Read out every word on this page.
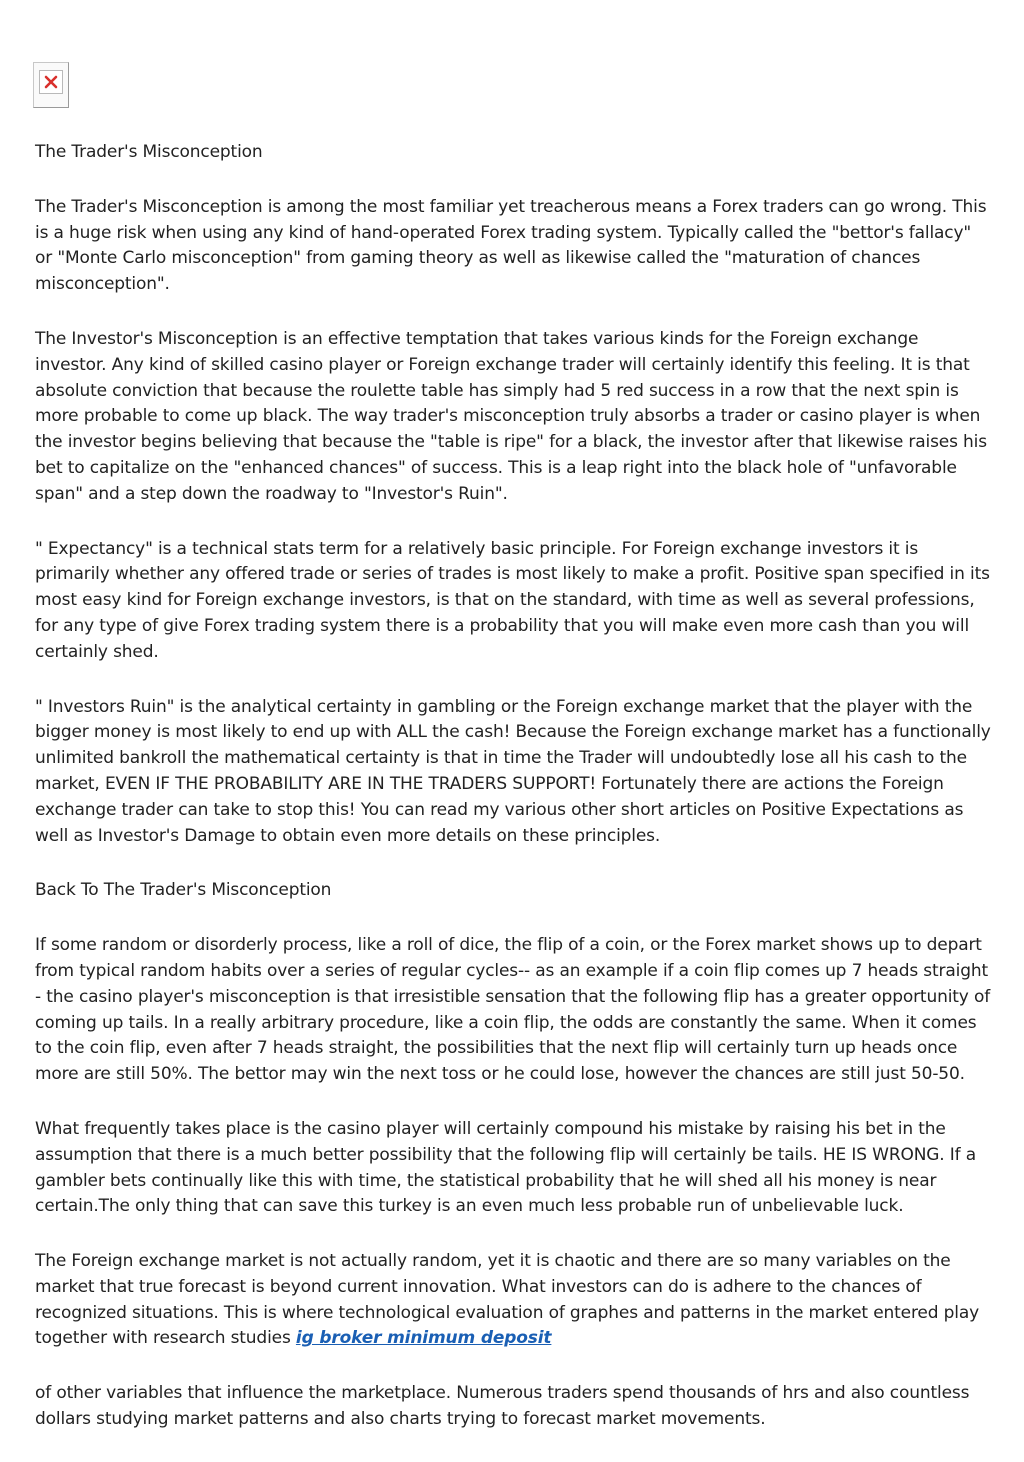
The Trader's Misconception

The Trader's Misconception is among the most familiar yet treacherous means a Forex traders can go wrong. This is a huge risk when using any kind of hand-operated Forex trading system. Typically called the "bettor's fallacy" or "Monte Carlo misconception" from gaming theory as well as likewise called the "maturation of chances misconception".

The Investor's Misconception is an effective temptation that takes various kinds for the Foreign exchange investor. Any kind of skilled casino player or Foreign exchange trader will certainly identify this feeling. It is that absolute conviction that because the roulette table has simply had 5 red success in a row that the next spin is more probable to come up black. The way trader's misconception truly absorbs a trader or casino player is when the investor begins believing that because the "table is ripe" for a black, the investor after that likewise raises his bet to capitalize on the "enhanced chances" of success. This is a leap right into the black hole of "unfavorable span" and a step down the roadway to "Investor's Ruin".

" Expectancy" is a technical stats term for a relatively basic principle. For Foreign exchange investors it is primarily whether any offered trade or series of trades is most likely to make a profit. Positive span specified in its most easy kind for Foreign exchange investors, is that on the standard, with time as well as several professions, for any type of give Forex trading system there is a probability that you will make even more cash than you will certainly shed.

" Investors Ruin" is the analytical certainty in gambling or the Foreign exchange market that the player with the bigger money is most likely to end up with ALL the cash! Because the Foreign exchange market has a functionally unlimited bankroll the mathematical certainty is that in time the Trader will undoubtedly lose all his cash to the market, EVEN IF THE PROBABILITY ARE IN THE TRADERS SUPPORT! Fortunately there are actions the Foreign exchange trader can take to stop this! You can read my various other short articles on Positive Expectations as well as Investor's Damage to obtain even more details on these principles.

Back To The Trader's Misconception

If some random or disorderly process, like a roll of dice, the flip of a coin, or the Forex market shows up to depart from typical random habits over a series of regular cycles-- as an example if a coin flip comes up 7 heads straight - the casino player's misconception is that irresistible sensation that the following flip has a greater opportunity of coming up tails. In a really arbitrary procedure, like a coin flip, the odds are constantly the same. When it comes to the coin flip, even after 7 heads straight, the possibilities that the next flip will certainly turn up heads once more are still 50%. The bettor may win the next toss or he could lose, however the chances are still just 50-50.

What frequently takes place is the casino player will certainly compound his mistake by raising his bet in the assumption that there is a much better possibility that the following flip will certainly be tails. HE IS WRONG. If a gambler bets continually like this with time, the statistical probability that he will shed all his money is near certain.The only thing that can save this turkey is an even much less probable run of unbelievable luck.

The Foreign exchange market is not actually random, yet it is chaotic and there are so many variables on the market that true forecast is beyond current innovation. What investors can do is adhere to the chances of recognized situations. This is where technological evaluation of graphes and patterns in the market entered play together with research studies ig broker minimum deposit

of other variables that influence the marketplace. Numerous traders spend thousands of hrs and also countless dollars studying market patterns and also charts trying to forecast market movements.
